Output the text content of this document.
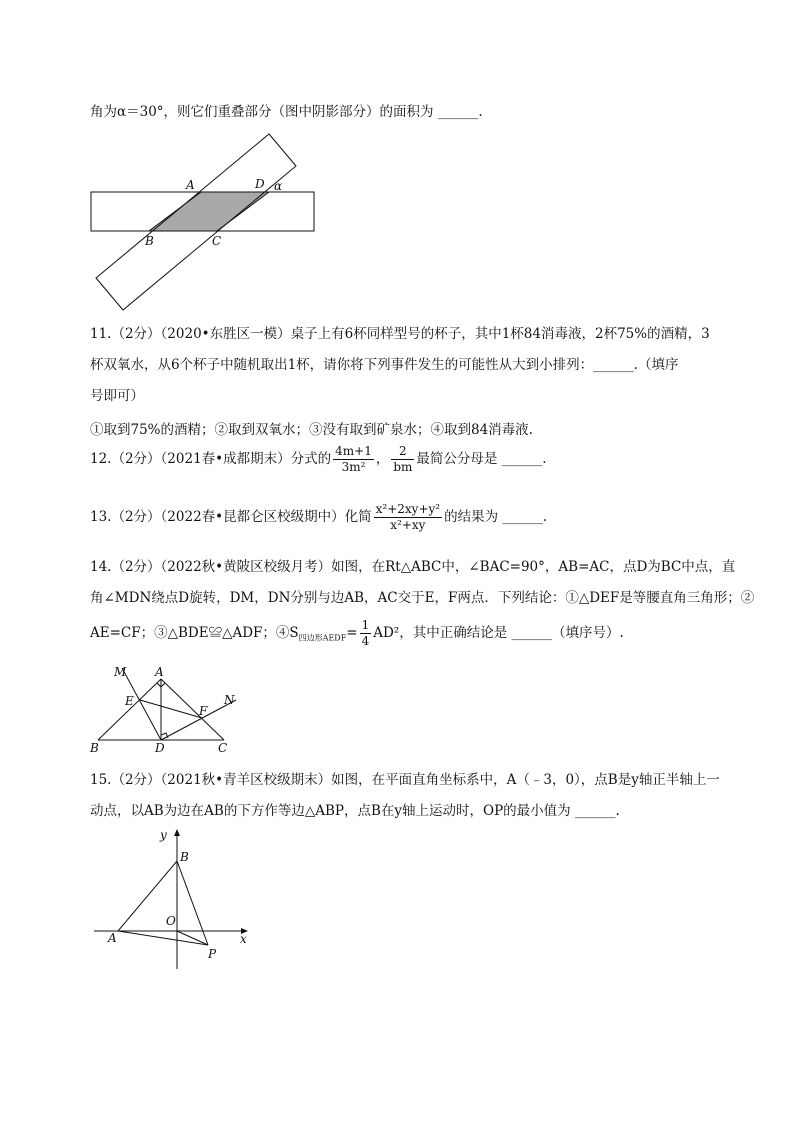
角为α＝30°，则它们重叠部分（图中阴影部分）的面积为 ______.
A	D α
B	C
11.（2分）（2020•东胜区一模）桌子上有6杯同样型号的杯子，其中1杯84消毒液，2杯75%的酒精，3
杯双氧水，从6个杯子中随机取出1杯，请你将下列事件发生的可能性从大到小排列：______.（填序
号即可）
①取到75%的酒精；②取到双氧水；③没有取到矿泉水；④取到84消毒液.
12.（2分）（2021春•成都期末）分式的 $\frac{4m+1}{\text{3m²}}$ ， $\frac{2}{bm}$ 最简公分母是 ______.
13.（2分）（2022春•昆都仑区校级期中）化简 $\frac{\text{x²+2xy+y²}}{\text{x²+xy}}$ 的结果为 ______.
14.（2分）（2022秋•黄陂区校级月考）如图，在Rt△ABC中，∠BAC=90°，AB=AC，点D为BC中点，直
角∠MDN绕点D旋转，DM，DN分别与边AB，AC交于E，F两点．下列结论：①△DEF是等腰直角三角形；②
AE=CF；③△BDE≌△ADF；$④S_{四边形AEDF}= \frac{1}{4} AD^2$，其中正确结论是 ______（填序号）.
M A
E
F
N
B	D	C
15.（2分）（2021秋•青羊区校级期末）如图，在平面直角坐标系中，A（﹣3，0），点B是y轴正半轴上一
动点，以AB为边在AB的下方作等边△ABP，点B在y轴上运动时，OP的最小值为 ______.
y
x
B
O
A
P
